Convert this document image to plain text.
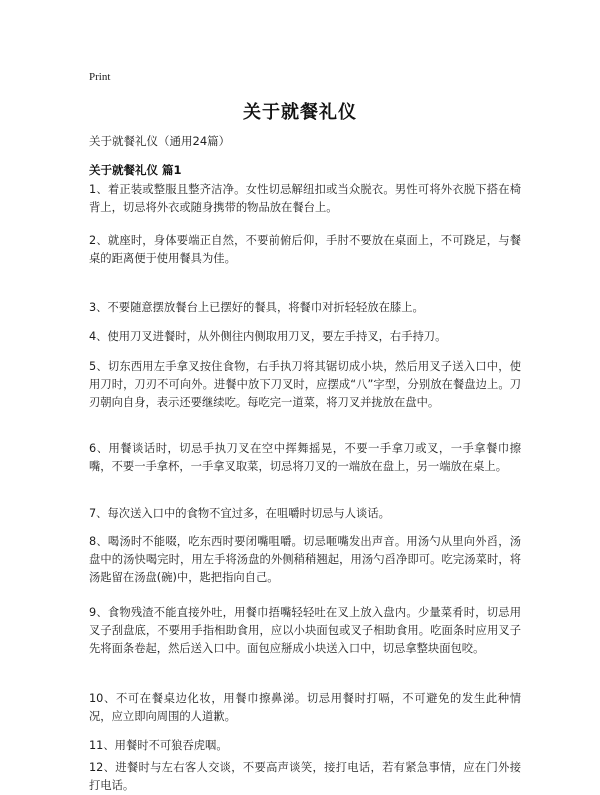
Print
关于就餐礼仪
关于就餐礼仪（通用24篇）
关于就餐礼仪 篇1

1、着正装或整服且整齐洁净。女性切忌解纽扣或当众脱衣。男性可将外衣脱下搭在椅背上，切忌将外衣或随身携带的物品放在餐台上。

2、就座时，身体要端正自然，不要前俯后仰，手肘不要放在桌面上，不可跷足，与餐桌的距离便于使用餐具为佳。

3、不要随意摆放餐台上已摆好的餐具，将餐巾对折轻轻放在膝上。

4、使用刀叉进餐时，从外侧往内侧取用刀叉，要左手持叉，右手持刀。

5、切东西用左手拿叉按住食物，右手执刀将其锯切成小块，然后用叉子送入口中，使用刀时，刀刃不可向外。进餐中放下刀叉时，应摆成“八”字型，分别放在餐盘边上。刀刃朝向自身，表示还要继续吃。每吃完一道菜，将刀叉并拢放在盘中。

6、用餐谈话时，切忌手执刀叉在空中挥舞摇晃，不要一手拿刀或叉，一手拿餐巾擦嘴，不要一手拿杯，一手拿叉取菜，切忌将刀叉的一端放在盘上，另一端放在桌上。

7、每次送入口中的食物不宜过多，在咀嚼时切忌与人谈话。

8、喝汤时不能啜，吃东西时要闭嘴咀嚼。切忌咂嘴发出声音。用汤勺从里向外舀，汤盘中的汤快喝完时，用左手将汤盘的外侧稍稍翘起，用汤勺舀净即可。吃完汤菜时，将汤匙留在汤盘(碗)中，匙把指向自己。

9、食物残渣不能直接外吐，用餐巾捂嘴轻轻吐在叉上放入盘内。少量菜肴时，切忌用叉子刮盘底，不要用手指相助食用，应以小块面包或叉子相助食用。吃面条时应用叉子先将面条卷起，然后送入口中。面包应掰成小块送入口中，切忌拿整块面包咬。

10、不可在餐桌边化妆，用餐巾擦鼻涕。切忌用餐时打嗝，不可避免的发生此种情况，应立即向周围的人道歉。

11、用餐时不可狼吞虎咽。

12、进餐时与左右客人交谈，不要高声谈笑，接打电话，若有紧急事情，应在门外接打电话。
